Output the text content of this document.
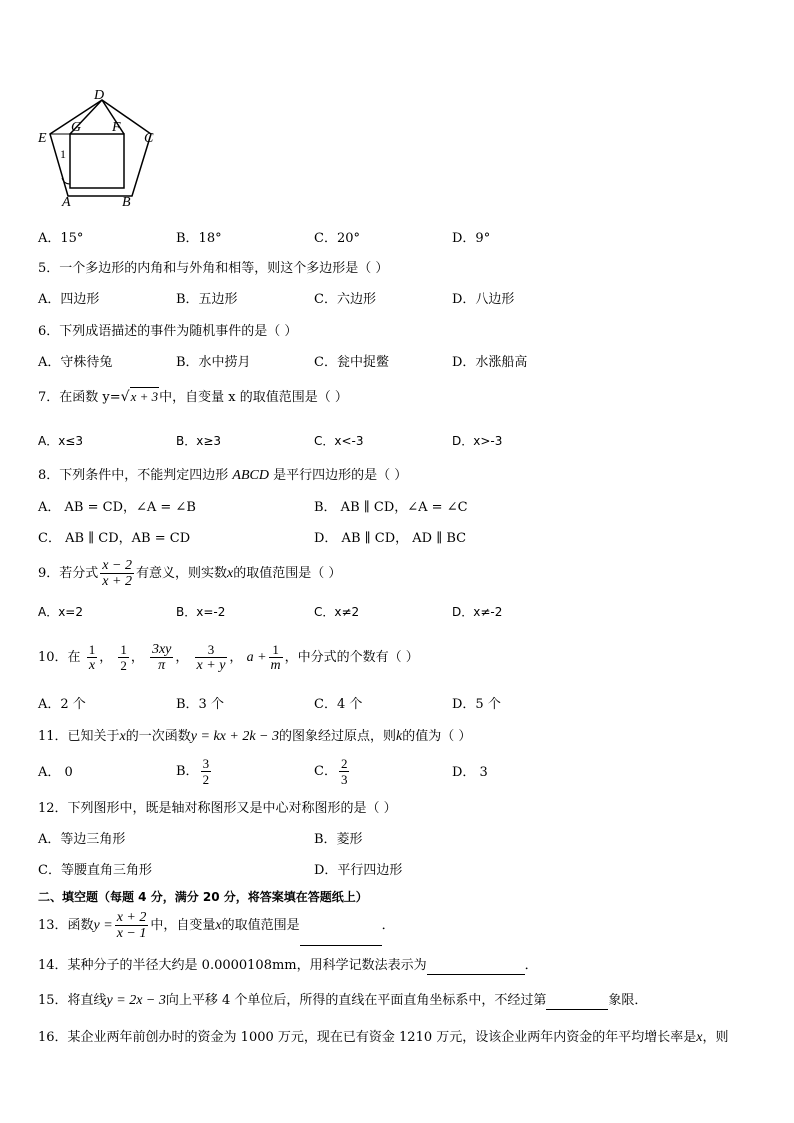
D
E
G F
C
A	B
1
A．15°	B．18°	C．20°	D．9°
5．一个多边形的内角和与外角和相等，则这个多边形是（ ）
A．四边形	B．五边形	C．六边形	D．八边形
6．下列成语描述的事件为随机事件的是（ ）
A．守株待兔	B．水中捞月	C．瓮中捉鳖	D．水涨船高
7．在函数 y=√x + 3中，自变量 x 的取值范围是（ ）
A．x≤3	B．x≥3	C．x<-3	D．x>-3
8．下列条件中，不能判定四边形 ABCD 是平行四边形的是（ ）
A． AB = CD，∠A = ∠B	B． AB ∥ CD，∠A = ∠C
C． AB ∥ CD，AB = CD	D． AB ∥ CD， AD ∥ BC
9．若分式 $\frac{x - 2}{x + 2}$ 有意义，则实数x的取值范围是（ ）
A．x=2	B．x=-2	C．x≠2	D．x≠-2
10．在 $\frac{1}{x}$ ， $\frac{1}{2}$ ， $\frac{3xy}{\pi}$ ， $\frac{3}{x + y}$ ， $a + \frac{1}{m}$ ，中分式的个数有（ ）
A．2 个	B．3 个	C．4 个	D．5 个
11．已知关于x的一次函数y = kx + 2k − 3的图象经过原点，则k的值为（ ）
A． 0	B． $\frac{3}{2}$	C． $\frac{2}{3}$	D． 3
12．下列图形中，既是轴对称图形又是中心对称图形的是（ ）
A．等边三角形	B．菱形
C．等腰直角三角形	D．平行四边形
二、填空题（每题 4 分，满分 20 分，将答案填在答题纸上）
13．函数$y = \frac{x + 2}{x - 1}$ 中，自变量x的取值范围是	．
14．某种分子的半径大约是 0.0000108mm，用科学记数法表示为	．
15．将直线y = 2x − 3向上平移 4 个单位后，所得的直线在平面直角坐标系中，不经过第	象限．
16．某企业两年前创办时的资金为 1000 万元，现在已有资金 1210 万元，设该企业两年内资金的年平均增长率是x，则
